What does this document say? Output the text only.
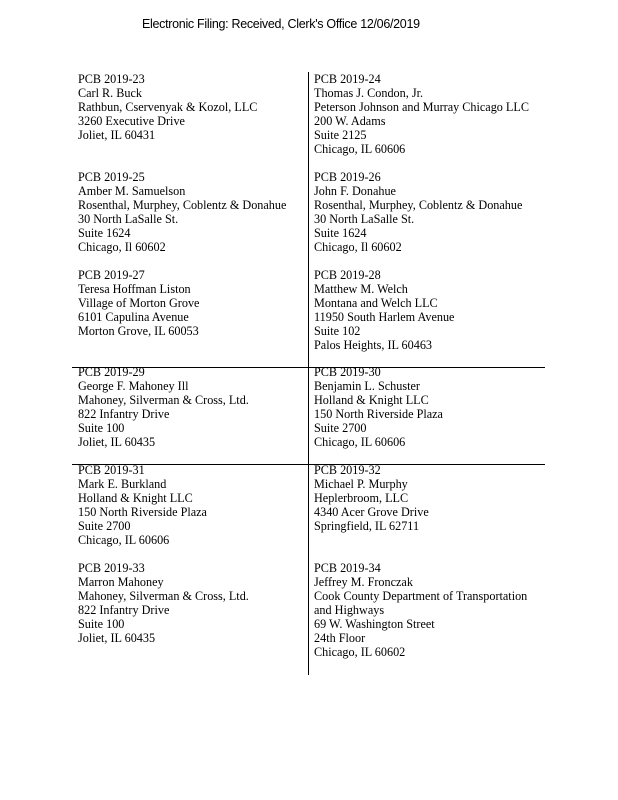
Electronic Filing: Received, Clerk's Office 12/06/2019
PCB 2019-23
Carl R. Buck
Rathbun, Cservenyak & Kozol, LLC
3260 Executive Drive
Joliet, IL 60431
PCB 2019-24
Thomas J. Condon, Jr.
Peterson Johnson and Murray Chicago LLC
200 W. Adams
Suite 2125
Chicago, IL 60606
PCB 2019-25
Amber M. Samuelson
Rosenthal, Murphey, Coblentz & Donahue
30 North LaSalle St.
Suite 1624
Chicago, Il 60602
PCB 2019-26
John F. Donahue
Rosenthal, Murphey, Coblentz & Donahue
30 North LaSalle St.
Suite 1624
Chicago, Il 60602
PCB 2019-27
Teresa Hoffman Liston
Village of Morton Grove
6101 Capulina Avenue
Morton Grove, IL 60053
PCB 2019-28
Matthew M. Welch
Montana and Welch LLC
11950 South Harlem Avenue
Suite 102
Palos Heights, IL 60463
PCB 2019-29
George F. Mahoney Ill
Mahoney, Silverman & Cross, Ltd.
822 Infantry Drive
Suite 100
Joliet, IL 60435
PCB 2019-30
Benjamin L. Schuster
Holland & Knight LLC
150 North Riverside Plaza
Suite 2700
Chicago, IL 60606
PCB 2019-31
Mark E. Burkland
Holland & Knight LLC
150 North Riverside Plaza
Suite 2700
Chicago, IL 60606
PCB 2019-32
Michael P. Murphy
Heplerbroom, LLC
4340 Acer Grove Drive
Springfield, IL 62711
PCB 2019-33
Marron Mahoney
Mahoney, Silverman & Cross, Ltd.
822 Infantry Drive
Suite 100
Joliet, IL 60435
PCB 2019-34
Jeffrey M. Fronczak
Cook County Department of Transportation
and Highways
69 W. Washington Street
24th Floor
Chicago, IL 60602
